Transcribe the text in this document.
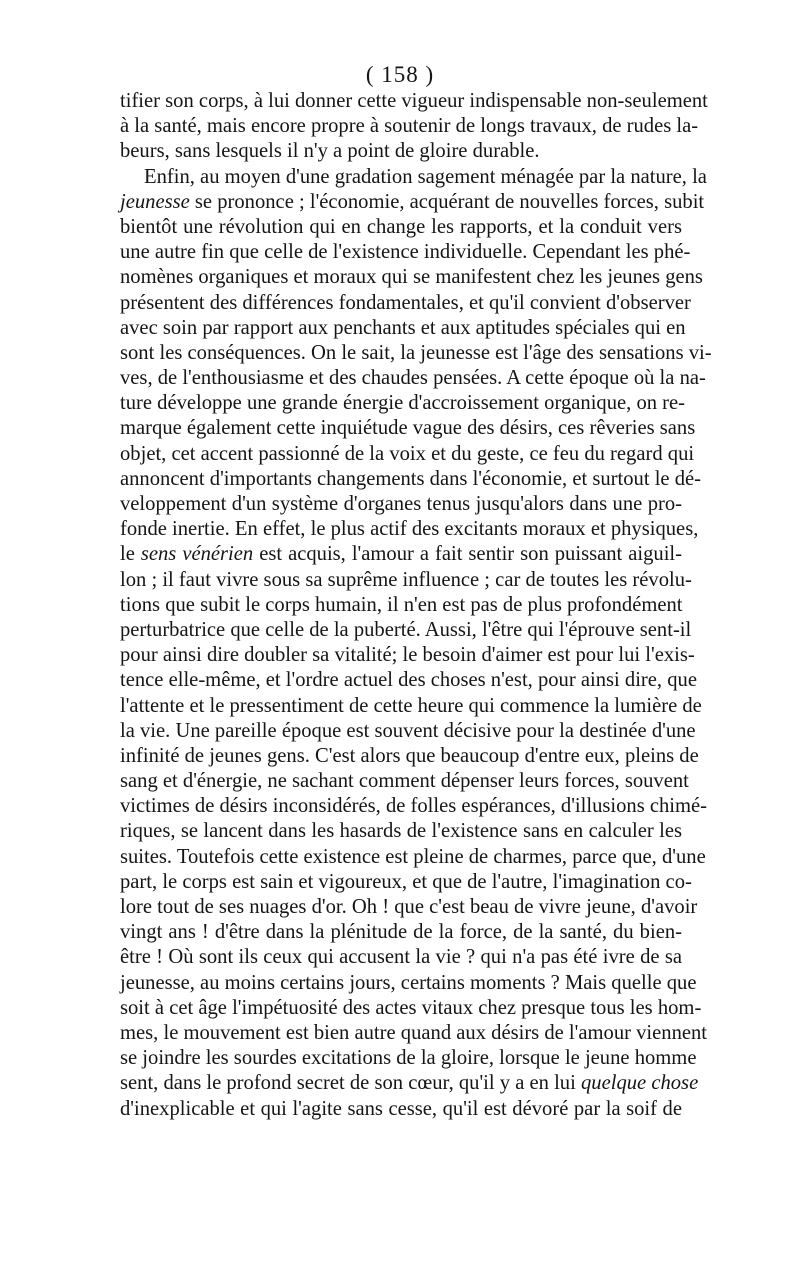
( 158 )
tifier son corps, à lui donner cette vigueur indispensable non-seulement
à la santé, mais encore propre à soutenir de longs travaux, de rudes la-
beurs, sans lesquels il n'y a point de gloire durable.
Enfin, au moyen d'une gradation sagement ménagée par la nature, la
jeunesse se prononce ; l'économie, acquérant de nouvelles forces, subit
bientôt une révolution qui en change les rapports, et la conduit vers
une autre fin que celle de l'existence individuelle. Cependant les phé-
nomènes organiques et moraux qui se manifestent chez les jeunes gens
présentent des différences fondamentales, et qu'il convient d'observer
avec soin par rapport aux penchants et aux aptitudes spéciales qui en
sont les conséquences. On le sait, la jeunesse est l'âge des sensations vi-
ves, de l'enthousiasme et des chaudes pensées. A cette époque où la na-
ture développe une grande énergie d'accroissement organique, on re-
marque également cette inquiétude vague des désirs, ces rêveries sans
objet, cet accent passionné de la voix et du geste, ce feu du regard qui
annoncent d'importants changements dans l'économie, et surtout le dé-
veloppement d'un système d'organes tenus jusqu'alors dans une pro-
fonde inertie. En effet, le plus actif des excitants moraux et physiques,
le sens vénérien est acquis, l'amour a fait sentir son puissant aiguil-
lon ; il faut vivre sous sa suprême influence ; car de toutes les révolu-
tions que subit le corps humain, il n'en est pas de plus profondément
perturbatrice que celle de la puberté. Aussi, l'être qui l'éprouve sent-il
pour ainsi dire doubler sa vitalité; le besoin d'aimer est pour lui l'exis-
tence elle-même, et l'ordre actuel des choses n'est, pour ainsi dire, que
l'attente et le pressentiment de cette heure qui commence la lumière de
la vie. Une pareille époque est souvent décisive pour la destinée d'une
infinité de jeunes gens. C'est alors que beaucoup d'entre eux, pleins de
sang et d'énergie, ne sachant comment dépenser leurs forces, souvent
victimes de désirs inconsidérés, de folles espérances, d'illusions chimé-
riques, se lancent dans les hasards de l'existence sans en calculer les
suites. Toutefois cette existence est pleine de charmes, parce que, d'une
part, le corps est sain et vigoureux, et que de l'autre, l'imagination co-
lore tout de ses nuages d'or. Oh ! que c'est beau de vivre jeune, d'avoir
vingt ans ! d'être dans la plénitude de la force, de la santé, du bien-
être ! Où sont ils ceux qui accusent la vie ? qui n'a pas été ivre de sa
jeunesse, au moins certains jours, certains moments ? Mais quelle que
soit à cet âge l'impétuosité des actes vitaux chez presque tous les hom-
mes, le mouvement est bien autre quand aux désirs de l'amour viennent
se joindre les sourdes excitations de la gloire, lorsque le jeune homme
sent, dans le profond secret de son cœur, qu'il y a en lui quelque chose
d'inexplicable et qui l'agite sans cesse, qu'il est dévoré par la soif de
